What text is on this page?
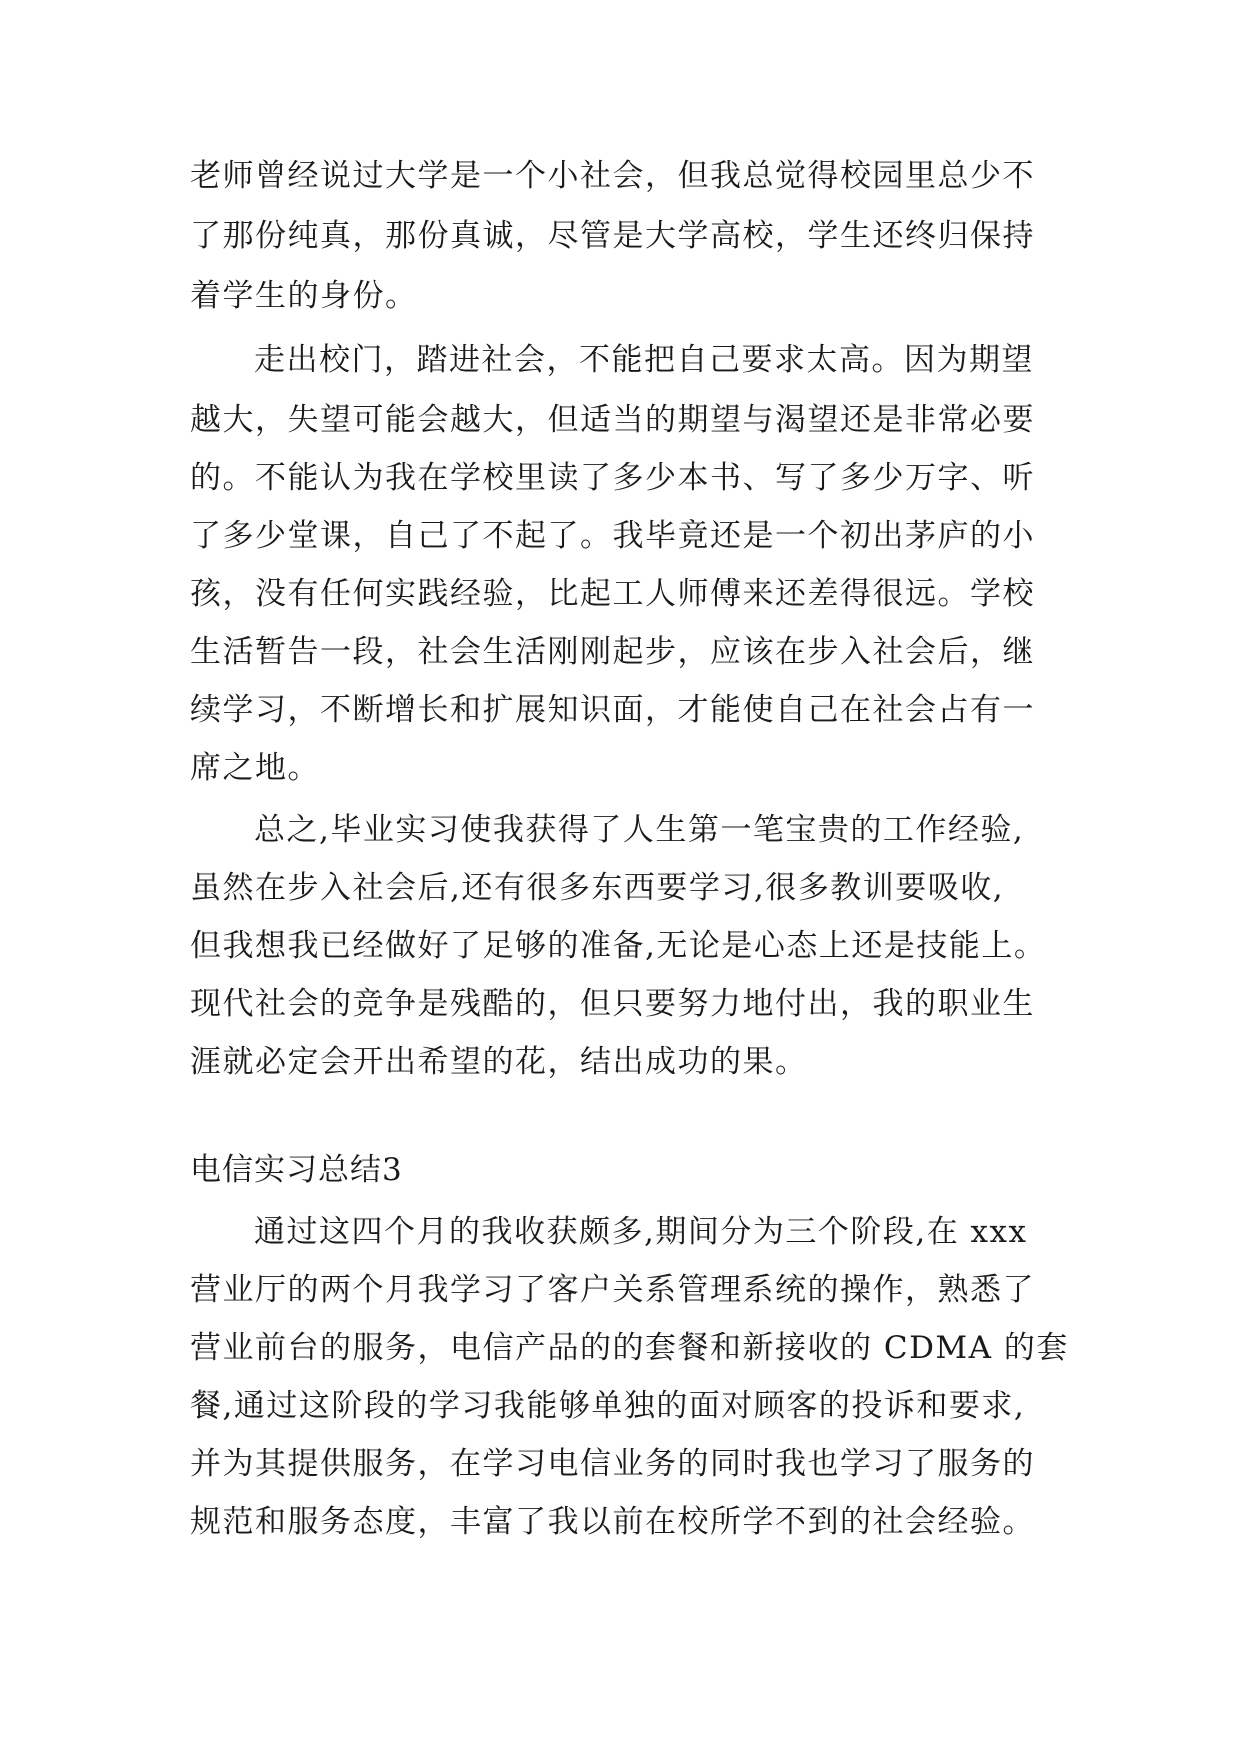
老师曾经说过大学是一个小社会，但我总觉得校园里总少不
了那份纯真，那份真诚，尽管是大学高校，学生还终归保持
着学生的身份。
走出校门，踏进社会，不能把自己要求太高。因为期望
越大，失望可能会越大，但适当的期望与渴望还是非常必要
的。不能认为我在学校里读了多少本书、写了多少万字、听
了多少堂课，自己了不起了。我毕竟还是一个初出茅庐的小
孩，没有任何实践经验，比起工人师傅来还差得很远。学校
生活暂告一段，社会生活刚刚起步，应该在步入社会后，继
续学习，不断增长和扩展知识面，才能使自己在社会占有一
席之地。
总之,毕业实习使我获得了人生第一笔宝贵的工作经验,
虽然在步入社会后,还有很多东西要学习,很多教训要吸收,
但我想我已经做好了足够的准备,无论是心态上还是技能上。
现代社会的竞争是残酷的，但只要努力地付出，我的职业生
涯就必定会开出希望的花，结出成功的果。
电信实习总结3
通过这四个月的我收获颇多,期间分为三个阶段,在 xxx
营业厅的两个月我学习了客户关系管理系统的操作，熟悉了
营业前台的服务，电信产品的的套餐和新接收的 CDMA 的套
餐,通过这阶段的学习我能够单独的面对顾客的投诉和要求,
并为其提供服务，在学习电信业务的同时我也学习了服务的
规范和服务态度，丰富了我以前在校所学不到的社会经验。
